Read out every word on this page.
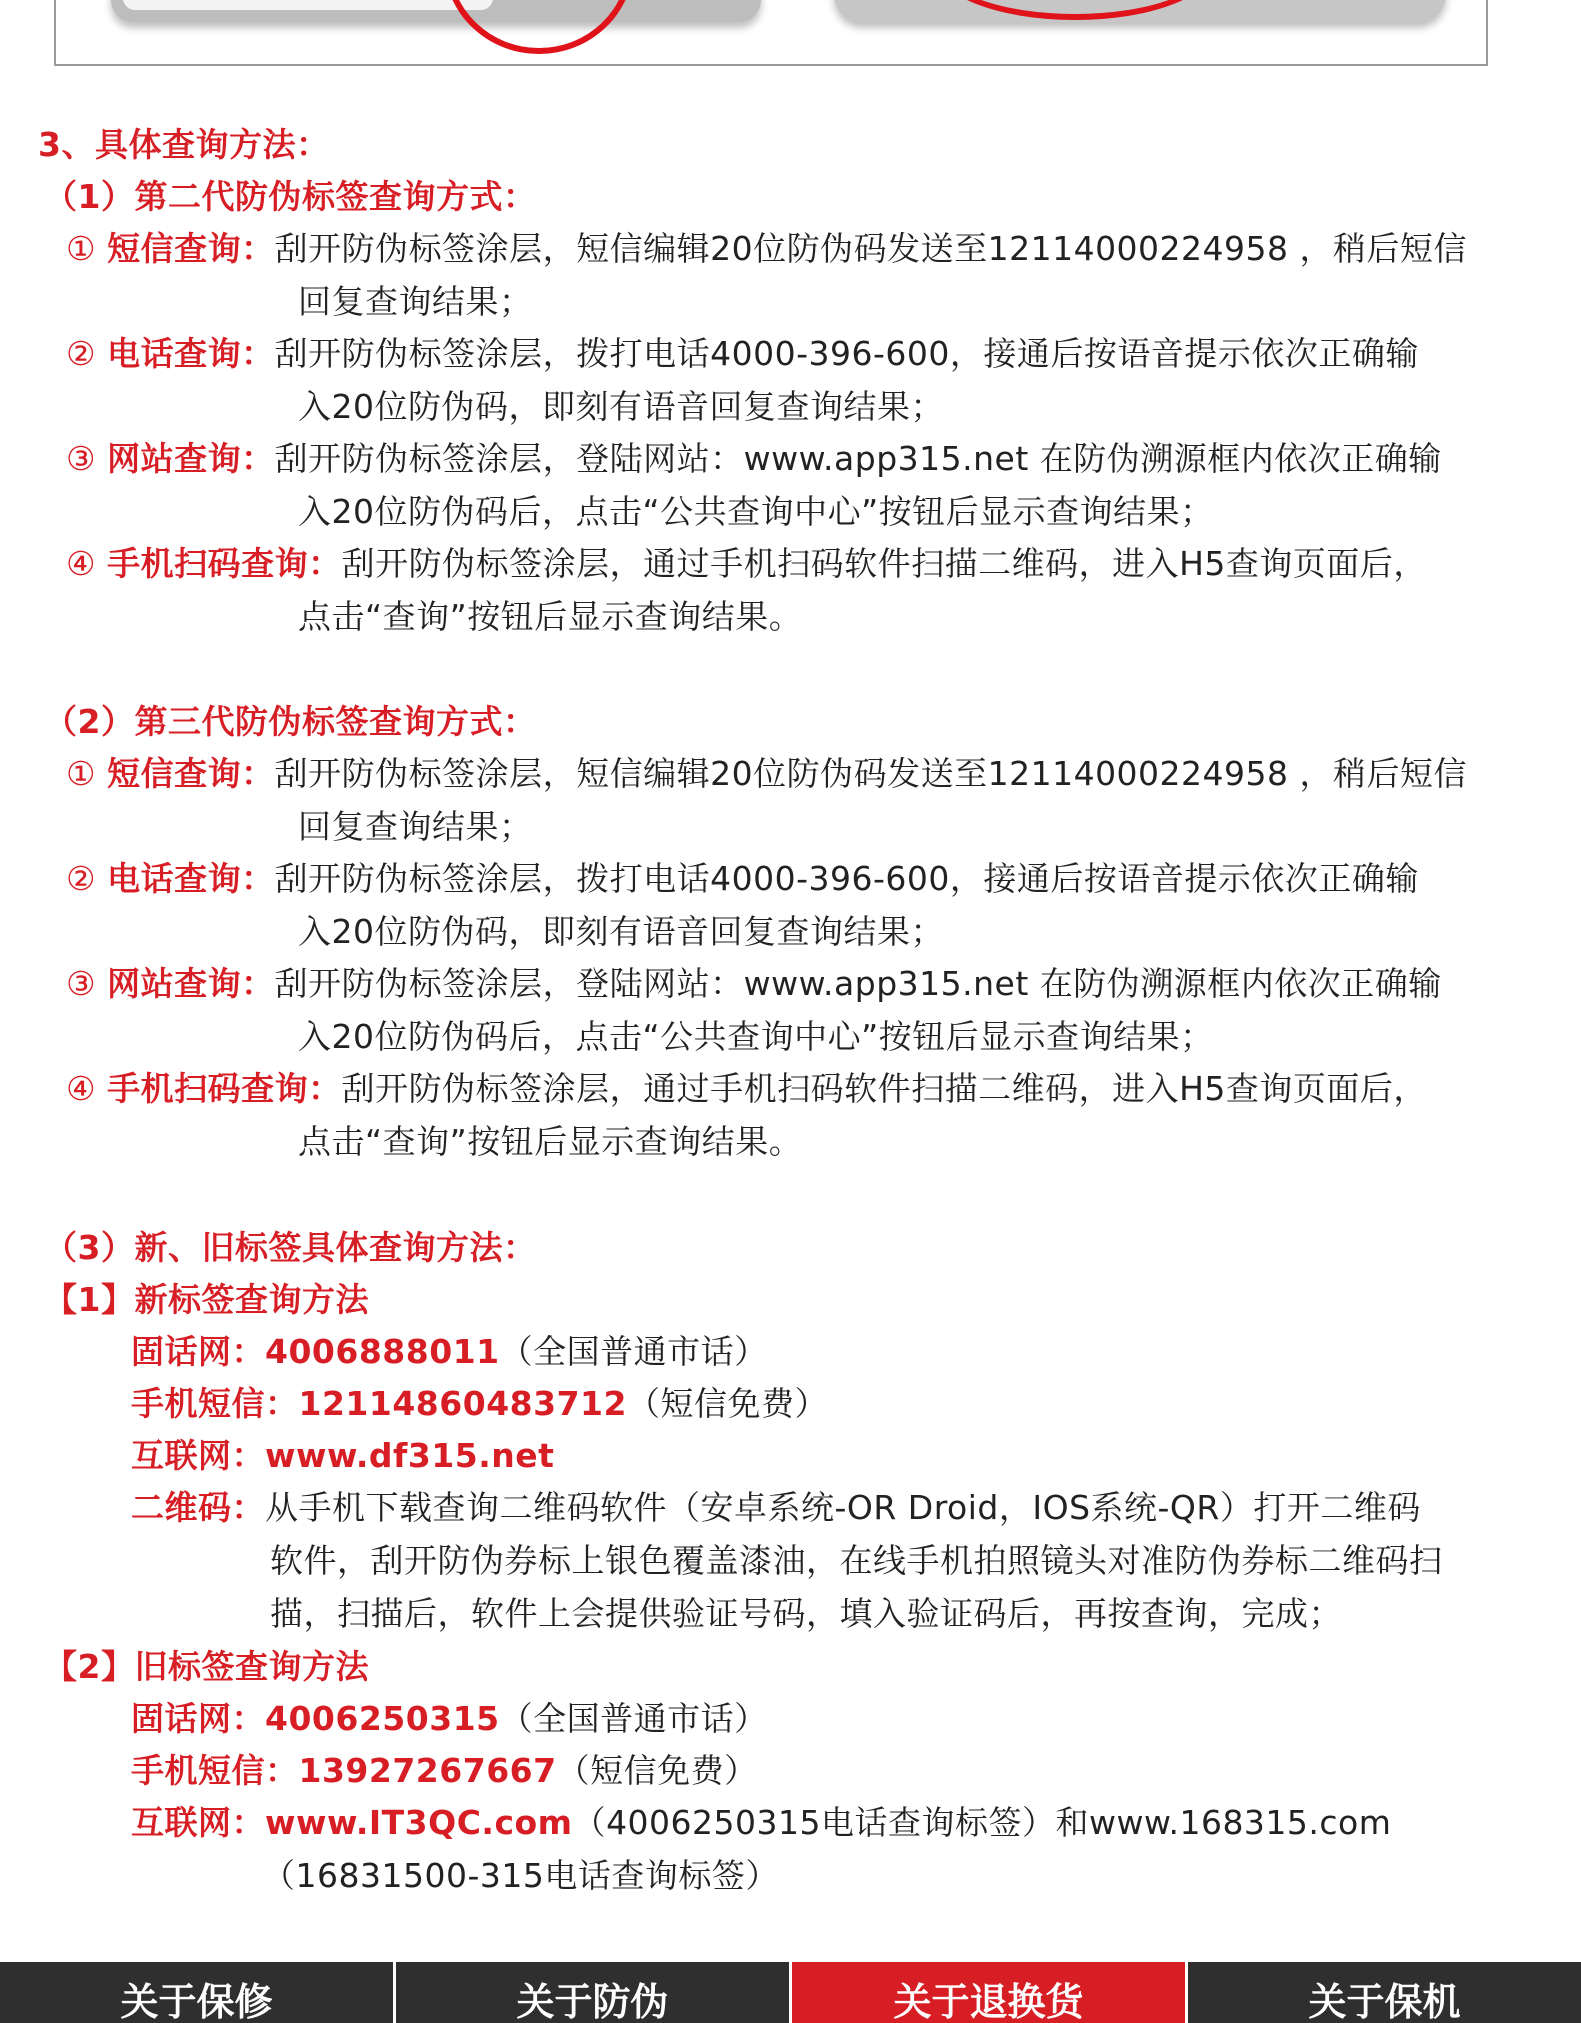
3、具体查询方法：
（1）第二代防伪标签查询方式：
① 短信查询：刮开防伪标签涂层，短信编辑20位防伪码发送至12114000224958 ，稍后短信
回复查询结果；
② 电话查询：刮开防伪标签涂层，拨打电话4000-396-600，接通后按语音提示依次正确输
入20位防伪码，即刻有语音回复查询结果；
③ 网站查询：刮开防伪标签涂层，登陆网站：www.app315.net 在防伪溯源框内依次正确输
入20位防伪码后，点击“公共查询中心”按钮后显示查询结果；
④ 手机扫码查询：刮开防伪标签涂层，通过手机扫码软件扫描二维码，进入H5查询页面后，
点击“查询”按钮后显示查询结果。
（2）第三代防伪标签查询方式：
① 短信查询：刮开防伪标签涂层，短信编辑20位防伪码发送至12114000224958 ，稍后短信
回复查询结果；
② 电话查询：刮开防伪标签涂层，拨打电话4000-396-600，接通后按语音提示依次正确输
入20位防伪码，即刻有语音回复查询结果；
③ 网站查询：刮开防伪标签涂层，登陆网站：www.app315.net 在防伪溯源框内依次正确输
入20位防伪码后，点击“公共查询中心”按钮后显示查询结果；
④ 手机扫码查询：刮开防伪标签涂层，通过手机扫码软件扫描二维码，进入H5查询页面后，
点击“查询”按钮后显示查询结果。
（3）新、旧标签具体查询方法：
【1】新标签查询方法
固话网：4006888011（全国普通市话）
手机短信：12114860483712（短信免费）
互联网：www.df315.net
二维码：从手机下载查询二维码软件（安卓系统-OR Droid，IOS系统-QR）打开二维码
软件，刮开防伪券标上银色覆盖漆油，在线手机拍照镜头对准防伪券标二维码扫
描，扫描后，软件上会提供验证号码，填入验证码后，再按查询，完成；
【2】旧标签查询方法
固话网：4006250315（全国普通市话）
手机短信：13927267667（短信免费）
互联网：www.IT3QC.com（4006250315电话查询标签）和www.168315.com
（16831500-315电话查询标签）
关于保修	关于防伪	关于退换货	关于保机
